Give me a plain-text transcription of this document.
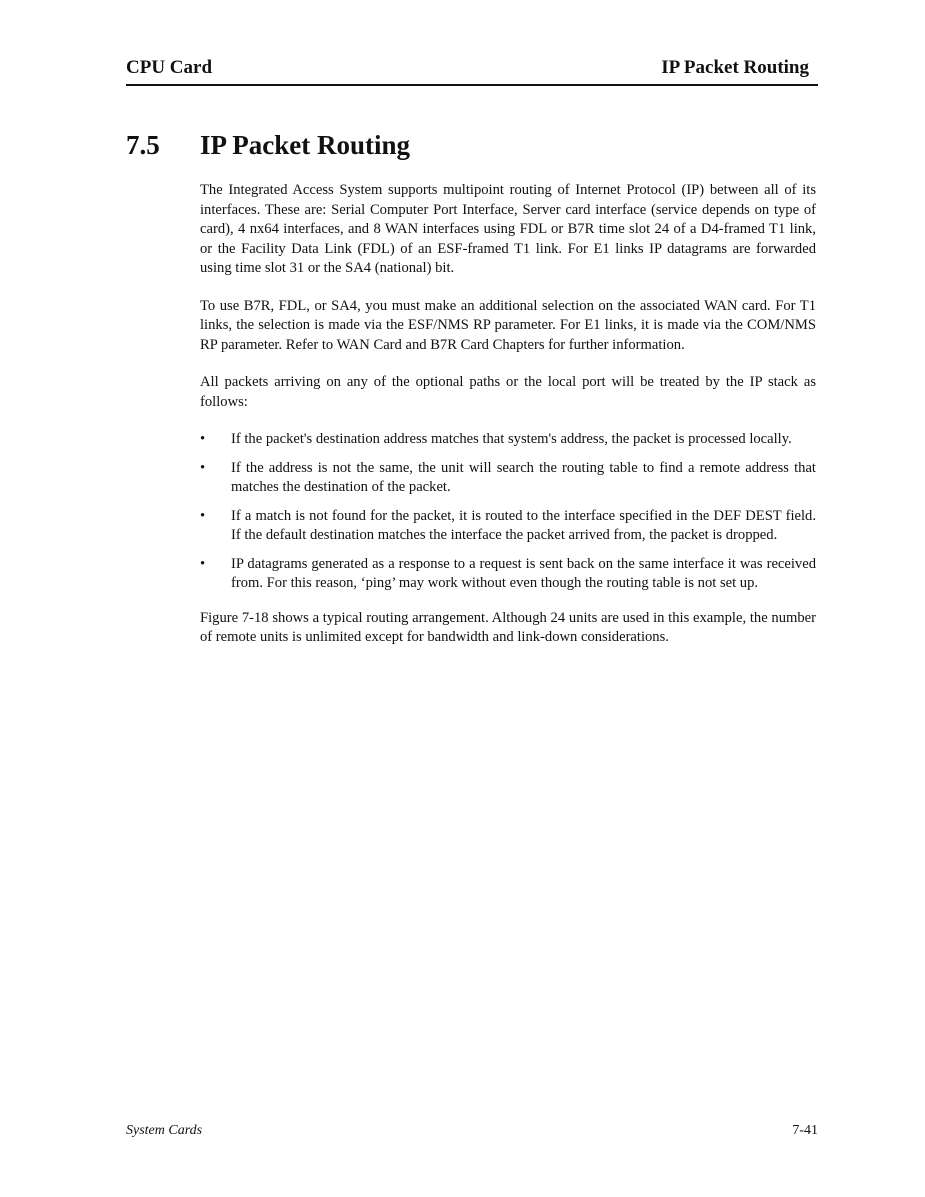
CPU Card	IP Packet Routing
7.5 IP Packet Routing

The Integrated Access System supports multipoint routing of Internet Protocol (IP) between all of its interfaces. These are: Serial Computer Port Interface, Server card interface (service depends on type of card), 4 nx64 interfaces, and 8 WAN interfaces using FDL or B7R time slot 24 of a D4-framed T1 link, or the Facility Data Link (FDL) of an ESF-framed T1 link. For E1 links IP datagrams are forwarded using time slot 31 or the SA4 (national) bit.

To use B7R, FDL, or SA4, you must make an additional selection on the associated WAN card. For T1 links, the selection is made via the ESF/NMS RP parameter. For E1 links, it is made via the COM/NMS RP parameter. Refer to WAN Card and B7R Card Chapters for further information.

All packets arriving on any of the optional paths or the local port will be treated by the IP stack as follows:

• If the packet's destination address matches that system's address, the packet is processed locally.
• If the address is not the same, the unit will search the routing table to find a remote address that matches the destination of the packet.
• If a match is not found for the packet, it is routed to the interface specified in the DEF DEST field. If the default destination matches the interface the packet arrived from, the packet is dropped.
• IP datagrams generated as a response to a request is sent back on the same interface it was received from. For this reason, ‘ping’ may work without even though the routing table is not set up.

Figure 7-18 shows a typical routing arrangement. Although 24 units are used in this example, the number of remote units is unlimited except for bandwidth and link-down considerations.

System Cards	7-41
